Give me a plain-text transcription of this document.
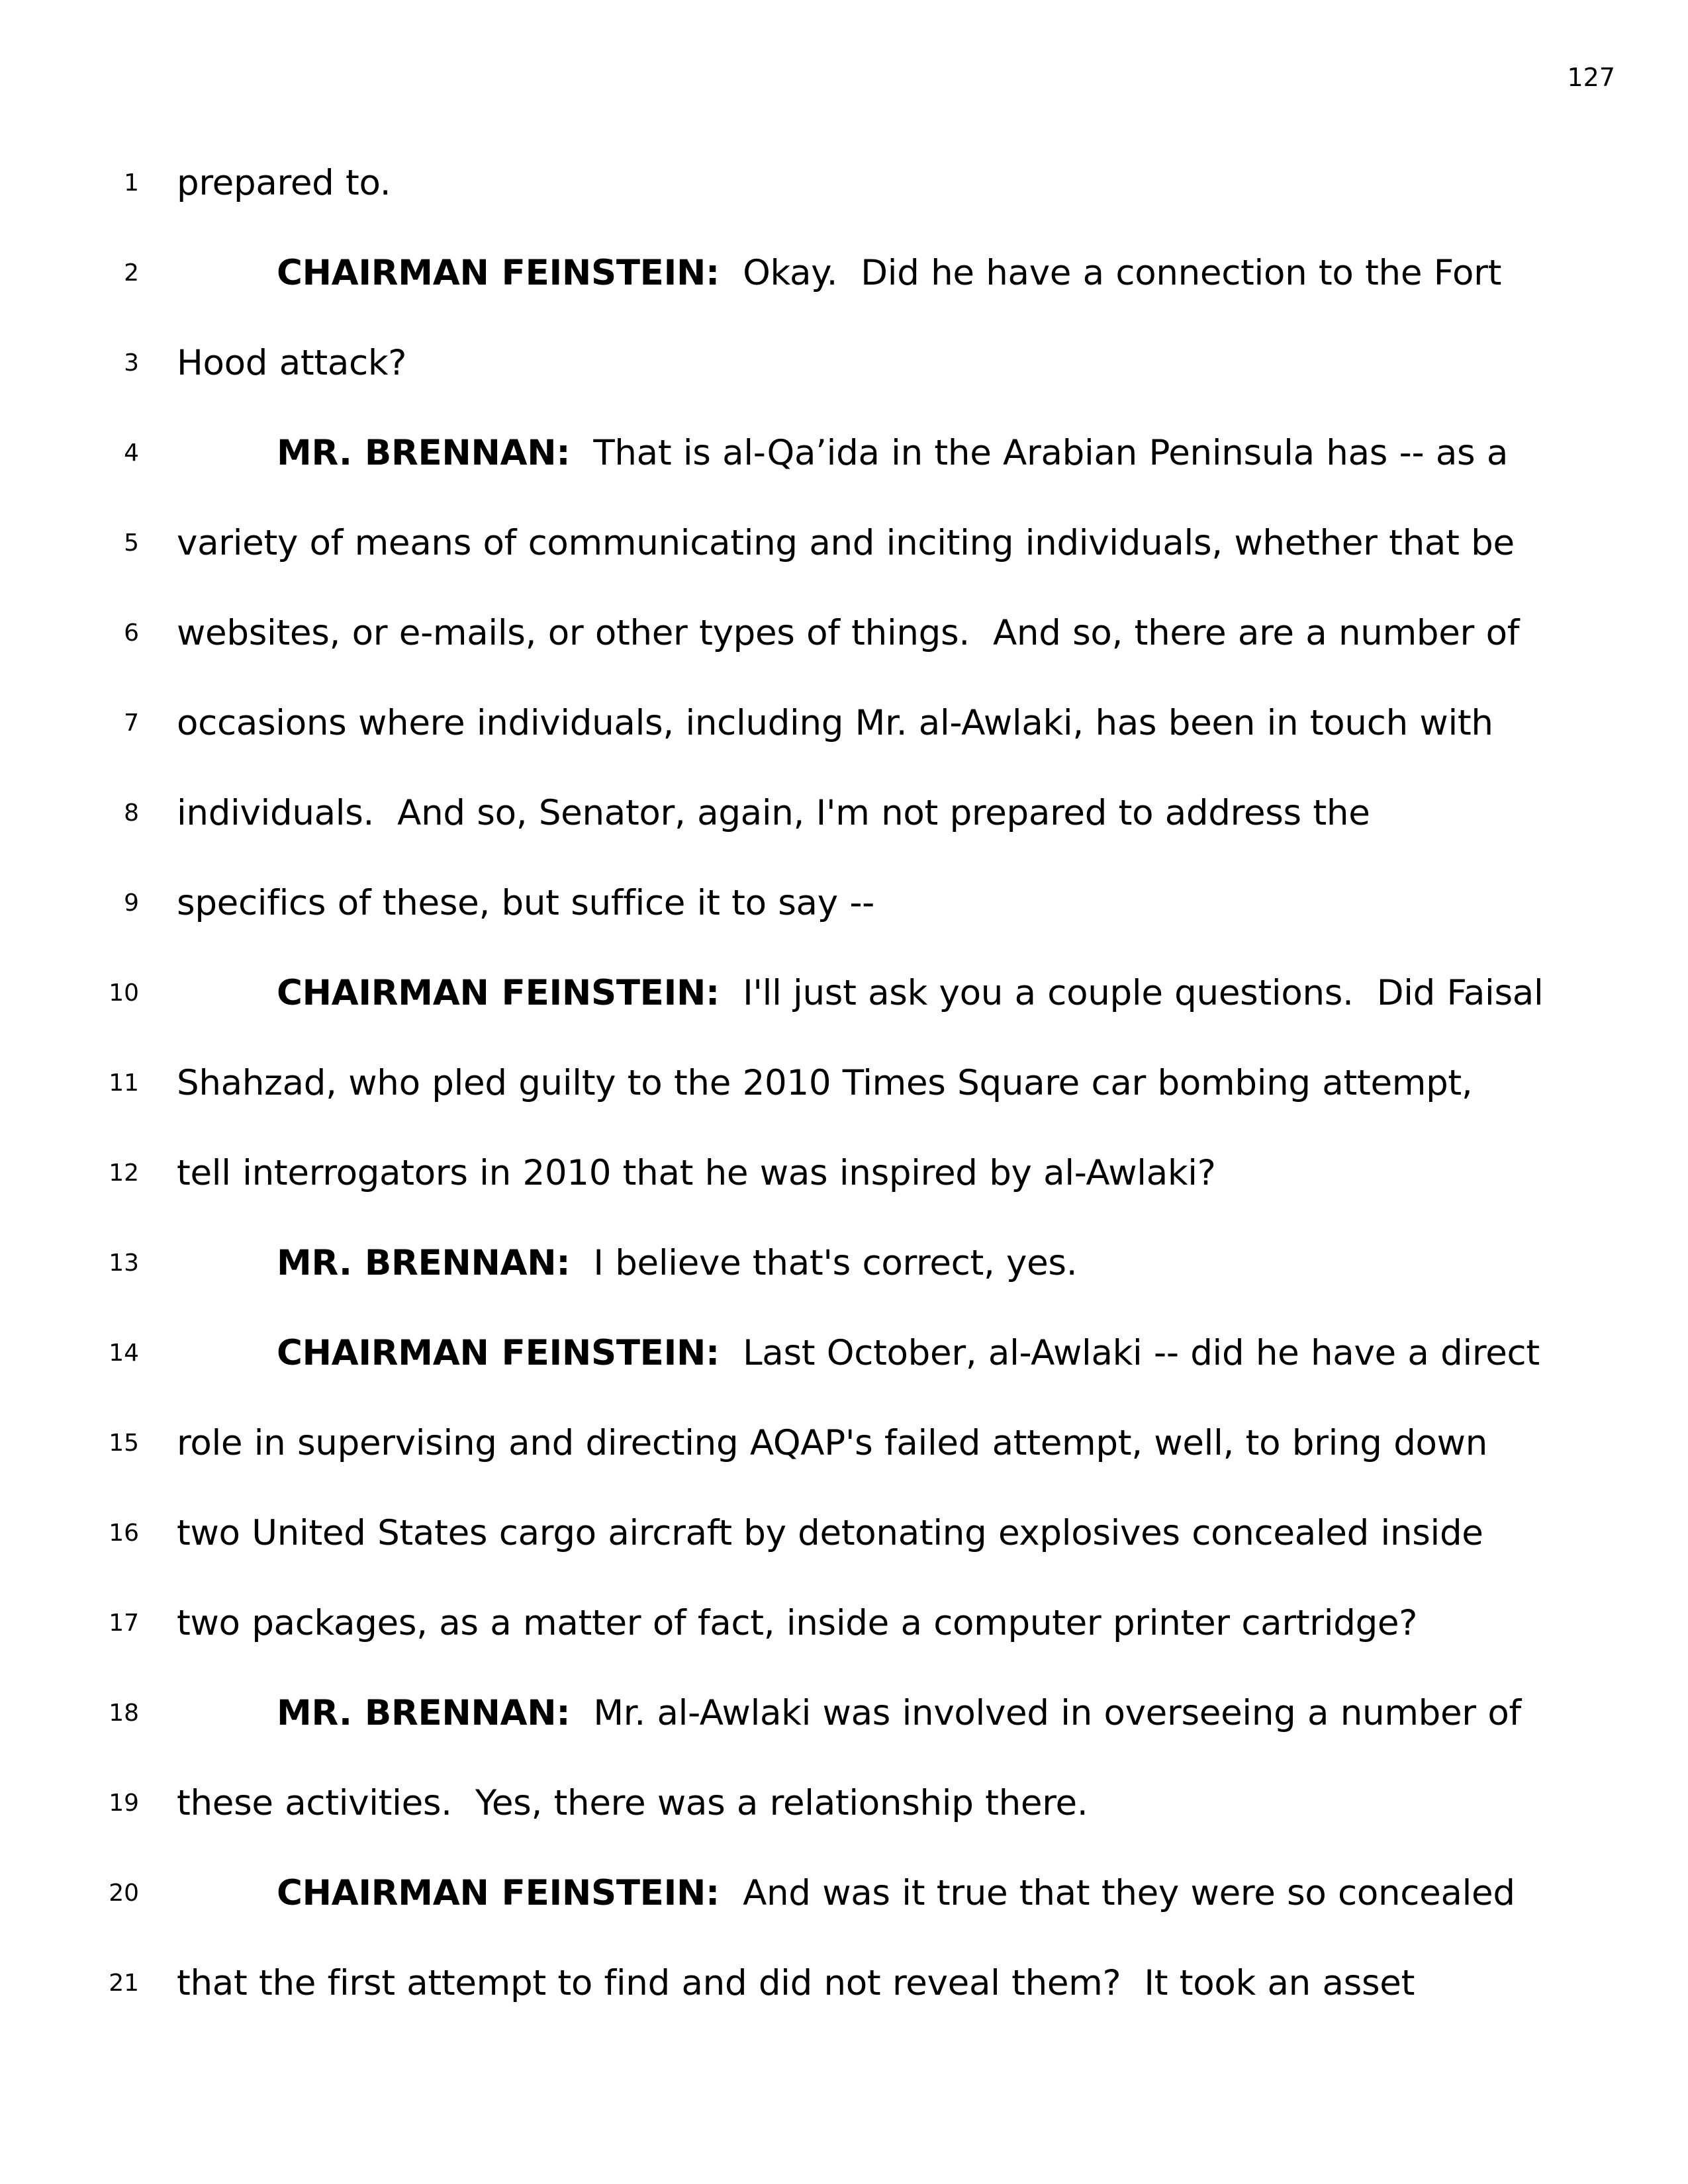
127
1 prepared to.
2	CHAIRMAN FEINSTEIN:  Okay.  Did he have a connection to the Fort
3 Hood attack?
4	MR. BRENNAN:  That is al-Qa’ida in the Arabian Peninsula has -- as a
5 variety of means of communicating and inciting individuals, whether that be
6 websites, or e-mails, or other types of things.  And so, there are a number of
7 occasions where individuals, including Mr. al-Awlaki, has been in touch with
8 individuals.  And so, Senator, again, I'm not prepared to address the
9 specifics of these, but suffice it to say --
10	CHAIRMAN FEINSTEIN:  I'll just ask you a couple questions.  Did Faisal
11 Shahzad, who pled guilty to the 2010 Times Square car bombing attempt,
12 tell interrogators in 2010 that he was inspired by al-Awlaki?
13	MR. BRENNAN:  I believe that's correct, yes.
14	CHAIRMAN FEINSTEIN:  Last October, al-Awlaki -- did he have a direct
15 role in supervising and directing AQAP's failed attempt, well, to bring down
16 two United States cargo aircraft by detonating explosives concealed inside
17 two packages, as a matter of fact, inside a computer printer cartridge?
18	MR. BRENNAN:  Mr. al-Awlaki was involved in overseeing a number of
19 these activities.  Yes, there was a relationship there.
20	CHAIRMAN FEINSTEIN:  And was it true that they were so concealed
21 that the first attempt to find and did not reveal them?  It took an asset
